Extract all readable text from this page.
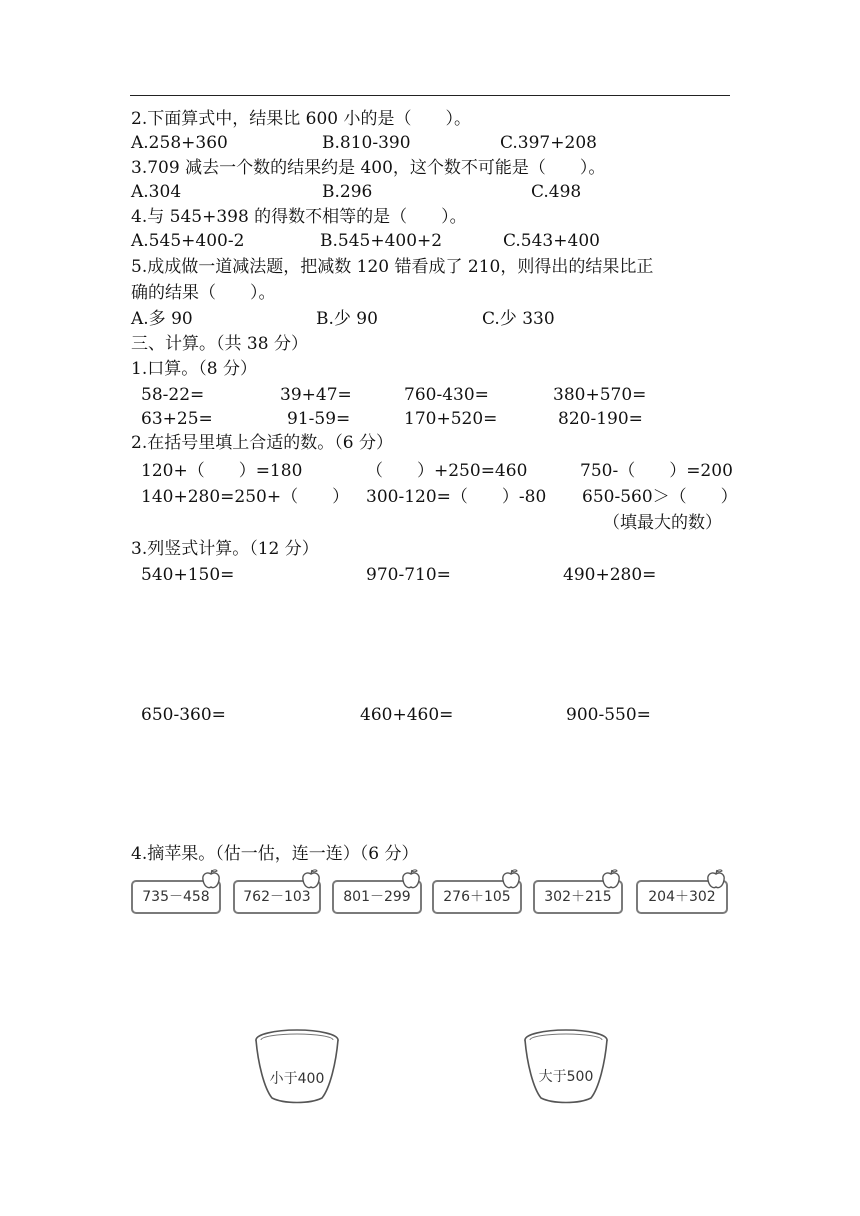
2.下面算式中，结果比 600 小的是（　　）。
A.258+360	B.810-390	C.397+208
3.709 减去一个数的结果约是 400，这个数不可能是（　　）。
A.304	B.296	C.498
4.与 545+398 的得数不相等的是（　　）。
A.545+400-2	B.545+400+2	C.543+400
5.成成做一道减法题，把减数 120 错看成了 210，则得出的结果比正
确的结果（　　）。
A.多 90	B.少 90	C.少 330
三、计算。（共 38 分）
1.口算。（8 分）
58-22=	39+47=	760-430=	380+570=
63+25=	91-59=	170+520=	820-190=
2.在括号里填上合适的数。（6 分）
120+（　　）=180	（　　）+250=460	750-（　　）=200
140+280=250+（　　） 300-120=（　　）-80 650-560＞（　　）
（填最大的数）
3.列竖式计算。（12 分）
540+150=	970-710=	490+280=
650-360=	460+460=	900-550=
4.摘苹果。（估一估，连一连）（6 分）
735－458	762－103	801－299	276＋105	302＋215	204＋302
小于400	大于500
